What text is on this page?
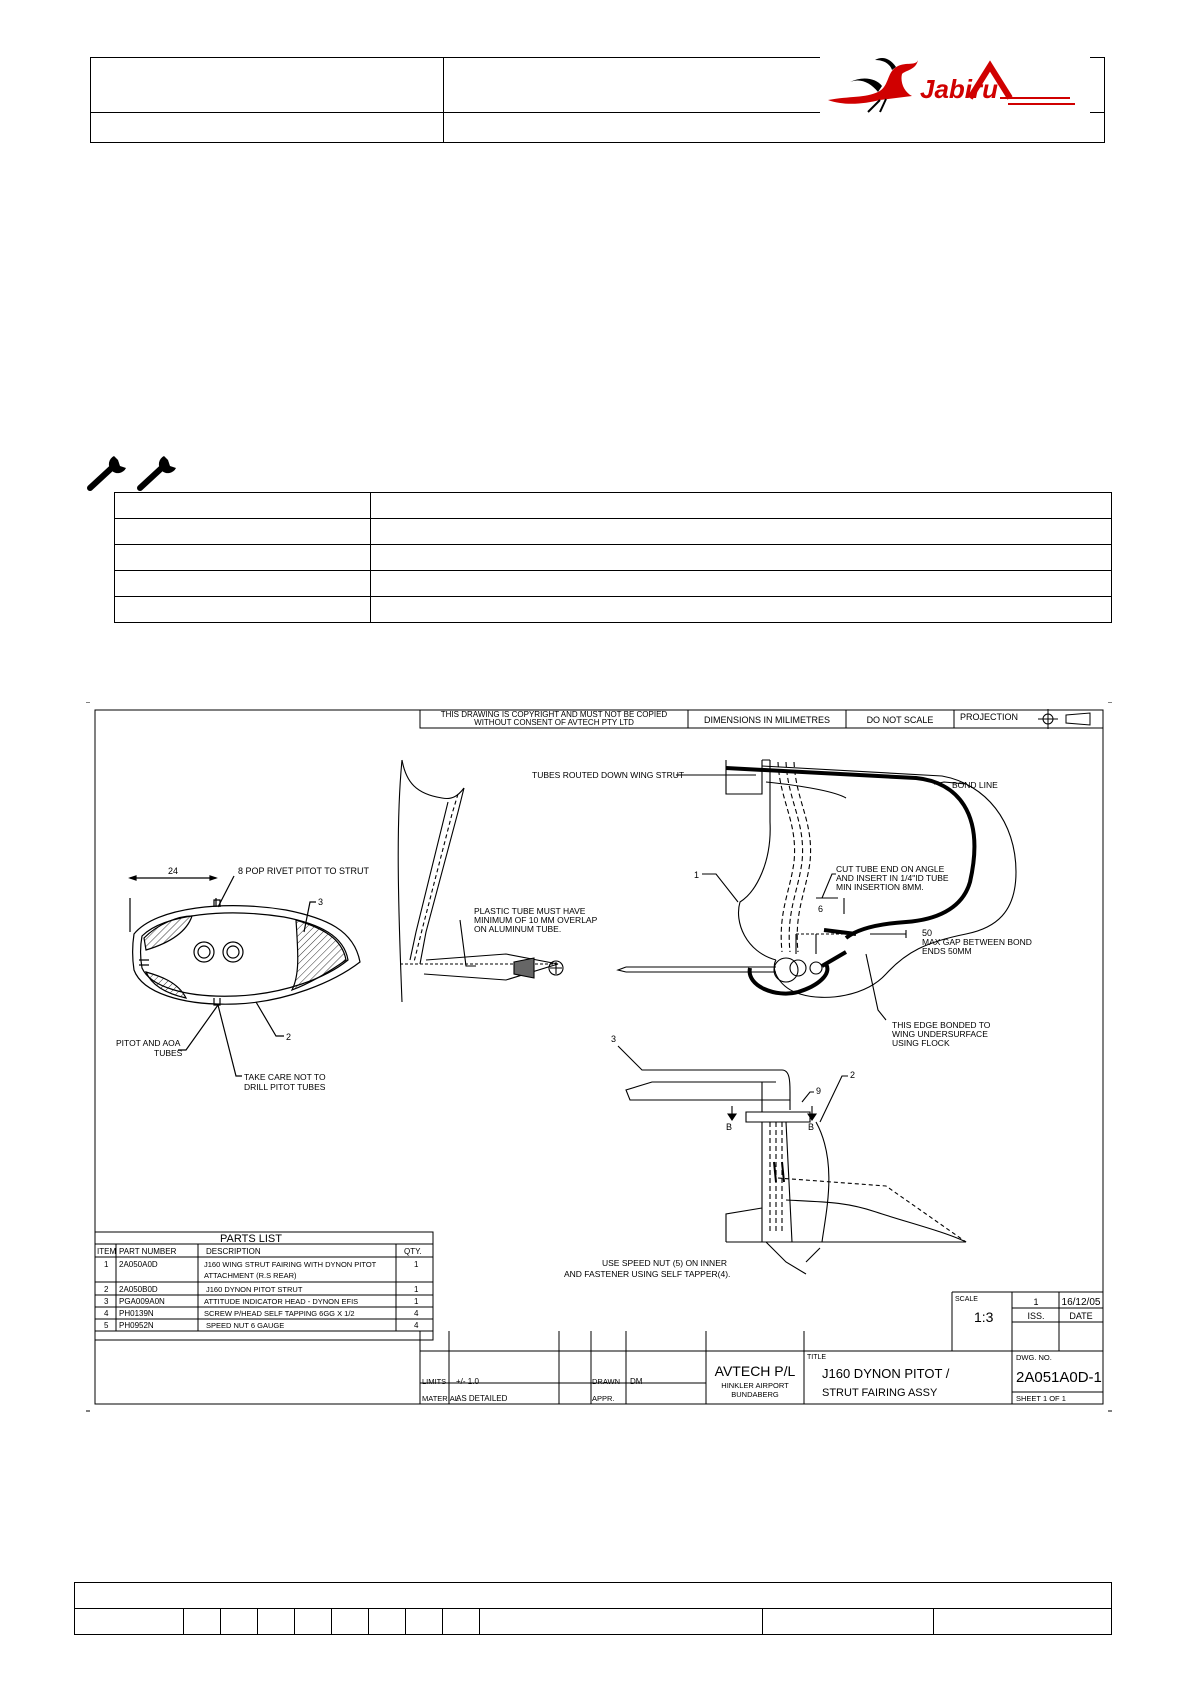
Jabiru

THIS DRAWING IS COPYRIGHT AND MUST NOT BE COPIED
WITHOUT CONSENT OF AVTECH PTY LTD	DIMENSIONS IN MILIMETRES	DO NOT SCALE	PROJECTION
24	8 POP RIVET PITOT TO STRUT
3
2
PITOT AND AOA
TUBES
TAKE CARE NOT TO
DRILL PITOT TUBES
PLASTIC TUBE MUST HAVE
MINIMUM OF 10 MM OVERLAP
ON ALUMINUM TUBE.
TUBES ROUTED DOWN WING STRUT
BOND LINE
1
CUT TUBE END ON ANGLE
AND INSERT IN 1/4"ID TUBE
MIN INSERTION 8MM.
6
50
MAX GAP BETWEEN BOND
ENDS 50MM
THIS EDGE BONDED TO
WING UNDERSURFACE
USING FLOCK
3
9
2
B	B
USE SPEED NUT (5) ON INNER
AND FASTENER USING SELF TAPPER(4).
PARTS LIST
ITEM PART NUMBER	DESCRIPTION	QTY.
1 2A050A0D	J160 WING STRUT FAIRING WITH DYNON PITOT	1
ATTACHMENT (R.S REAR)
2 2A050B0D	J160 DYNON PITOT STRUT	1
3 PGA009A0N	ATTITUDE INDICATOR HEAD - DYNON EFIS	1
4 PH0139N	SCREW P/HEAD SELF TAPPING 6GG X 1/2	4
5 PH0952N	SPEED NUT 6 GAUGE	4
LIMITS +/- 1.0
MATERIAL
AS DETAILED
DRAWN DM
APPR.
AVTECH P/L
HINKLER AIRPORT
BUNDABERG
TITLE
J160 DYNON PITOT /
STRUT FAIRING ASSY
SCALE
1:3
1 16/12/05
ISS.	DATE
DWG. NO.
2A051A0D-1
SHEET 1 OF 1
